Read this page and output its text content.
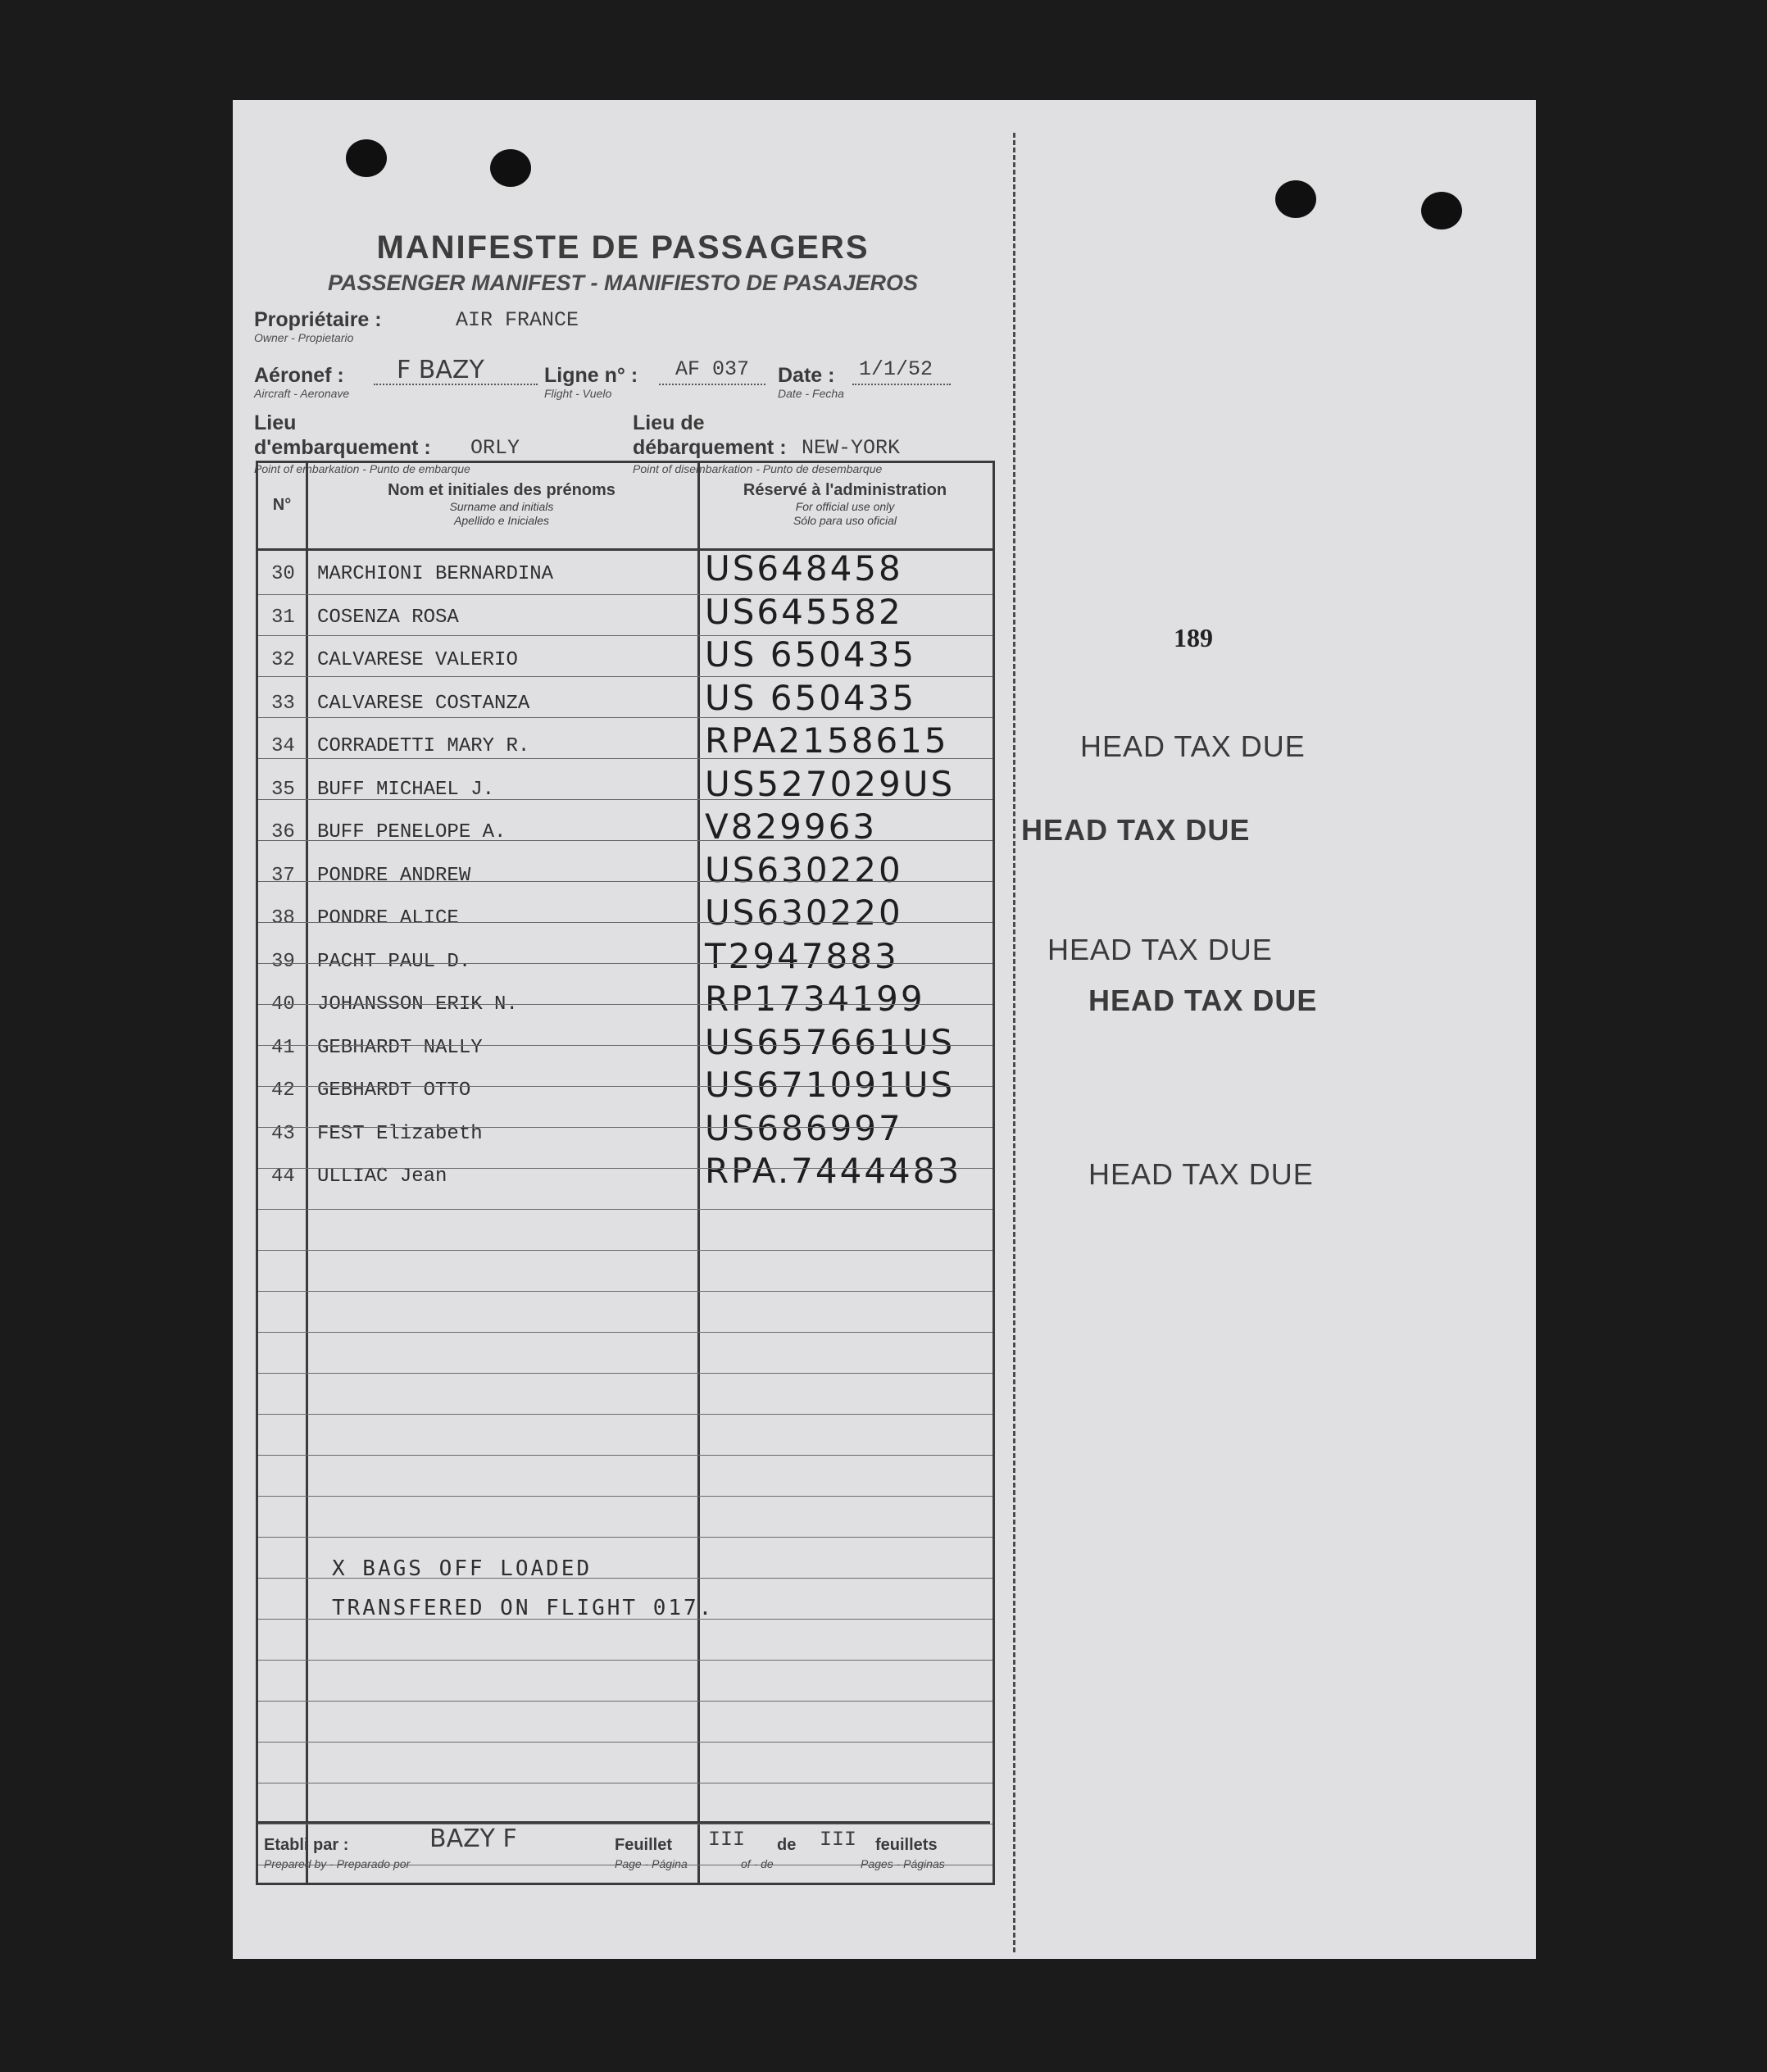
MANIFESTE DE PASSAGERS
PASSENGER MANIFEST - MANIFIESTO DE PASAJEROS
Propriétaire :	AIR FRANCE
Owner - Propietario
Aéronef : F BAZY
Aircraft - Aeronave
Ligne n° : AF 037
Flight - Vuelo
Date : 1/1/52
Date - Fecha
Lieu
d'embarquement : ORLY
Point of embarkation - Punto de embarque
Lieu de
débarquement : NEW-YORK
Point of disembarkation - Punto de desembarque
N°
Nom et initiales des prénoms
Surname and initials
Apellido e Iniciales
Réservé à l'administration
For official use only
Sólo para uso oficial
30	MARCHIONI BERNARDINA	US648458
31	COSENZA ROSA	US645582
32	CALVARESE VALERIO	US 650435
33	CALVARESE COSTANZA	US 650435
34	CORRADETTI MARY R.	RPA2158615
35	BUFF MICHAEL J.	US527029US
36	BUFF PENELOPE A.	V829963
37	PONDRE ANDREW	US630220
38	PONDRE ALICE	US630220
39	PACHT PAUL D.	T2947883
40	JOHANSSON ERIK N.	RP1734199
41	GEBHARDT NALLY	US657661US
42	GEBHARDT OTTO	US671091US
43	FEST Elizabeth	US686997
44	ULLIAC Jean	RPA.7444483
X BAGS OFF LOADED
TRANSFERED ON FLIGHT 017.
Etabli par :	BAZY F
Prepared by - Preparado por
Feuillet III de III feuillets
Page - Página	of - de	Pages - Páginas
189
HEAD TAX DUE
HEAD TAX DUE
HEAD TAX DUE
HEAD TAX DUE
HEAD TAX DUE
